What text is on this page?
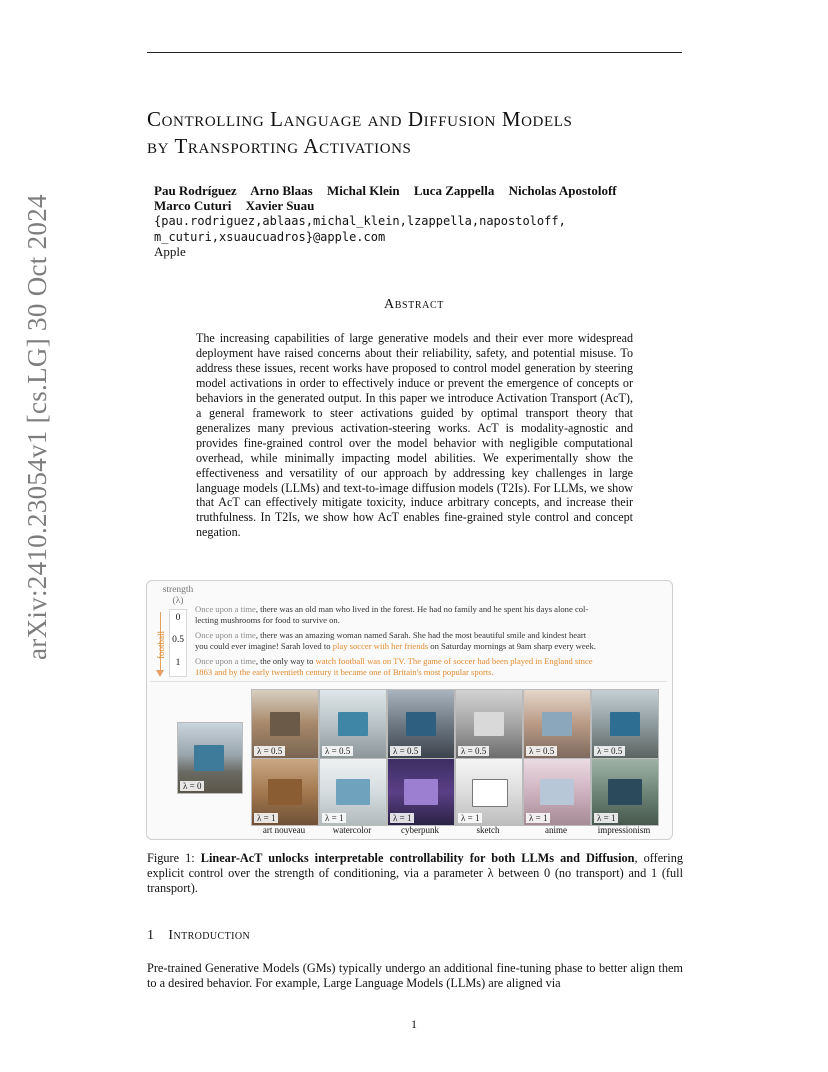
arXiv:2410.23054v1 [cs.LG] 30 Oct 2024
Controlling Language and Diffusion Models
by Transporting Activations
Pau Rodríguez Arno Blaas Michal Klein Luca Zappella Nicholas Apostoloff
Marco Cuturi Xavier Suau
{pau.rodriguez,ablaas,michal_klein,lzappella,napostoloff,
m_cuturi,xsuaucuadros}@apple.com
Apple
Abstract
The increasing capabilities of large generative models and their ever more widespread deployment have raised concerns about their reliability, safety, and potential misuse. To address these issues, recent works have proposed to control model generation by steering model activations in order to effectively induce or prevent the emergence of concepts or behaviors in the generated output. In this paper we introduce Activation Transport (AcT), a general framework to steer activations guided by optimal transport theory that generalizes many previous activation-steering works. AcT is modality-agnostic and provides fine-grained control over the model behavior with negligible computational overhead, while minimally impacting model abilities. We experimentally show the effectiveness and versatility of our approach by addressing key challenges in large language models (LLMs) and text-to-image diffusion models (T2Is). For LLMs, we show that AcT can effectively mitigate toxicity, induce arbitrary concepts, and increase their truthfulness. In T2Is, we show how AcT enables fine-grained style control and concept negation.
strength
(λ)
football
0
0.5
1
Once upon a time, there was an old man who lived in the forest. He had no family and he spent his days alone col-
lecting mushrooms for food to survive on.
Once upon a time, there was an amazing woman named Sarah. She had the most beautiful smile and kindest heart
you could ever imagine! Sarah loved to play soccer with her friends on Saturday mornings at 9am sharp every week.
Once upon a time, the only way to watch football was on TV. The game of soccer had been played in England since
1863 and by the early twentieth century it became one of Britain's most popular sports.
λ = 0
λ = 0.5	λ = 0.5	λ = 0.5	λ = 0.5	λ = 0.5	λ = 0.5
λ = 1	λ = 1	λ = 1	λ = 1	λ = 1	λ = 1
art nouveau	watercolor	cyberpunk	sketch	anime	impressionism
Figure 1: Linear-AcT unlocks interpretable controllability for both LLMs and Diffusion, offering explicit control over the strength of conditioning, via a parameter λ between 0 (no transport) and 1 (full transport).
1 Introduction
Pre-trained Generative Models (GMs) typically undergo an additional fine-tuning phase to better align them to a desired behavior. For example, Large Language Models (LLMs) are aligned via
1
